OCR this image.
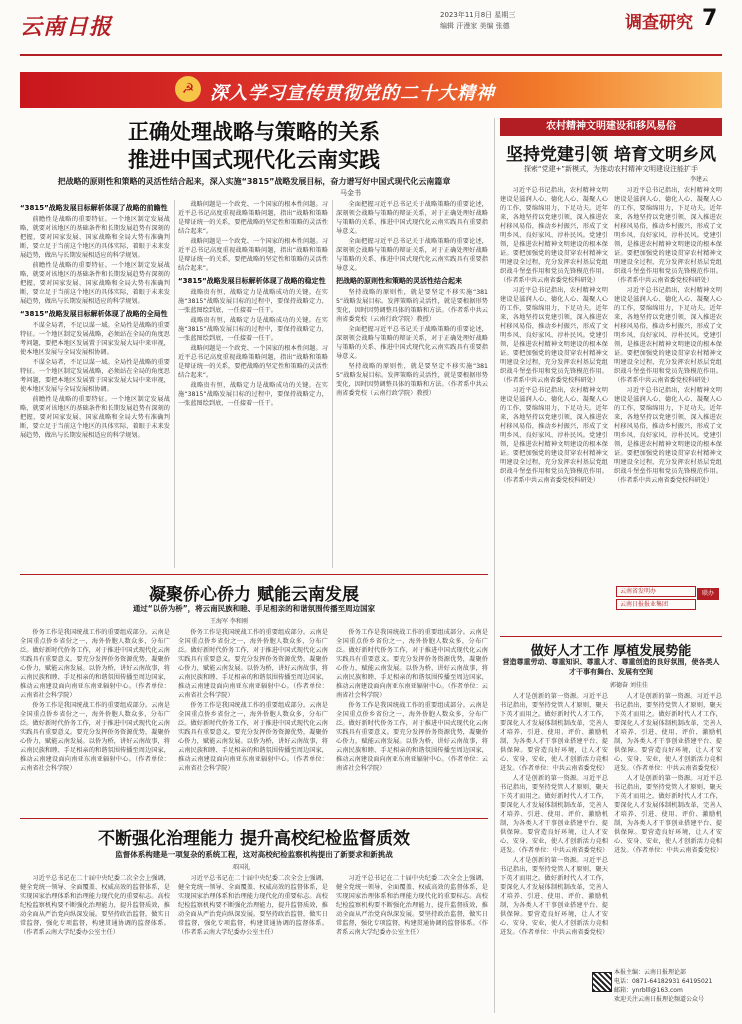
云南日报	2023年11月8日 星期三
编辑 汗漫家 美编 张德	调查研究 7
☭ 深入学习宣传贯彻党的二十大精神
正确处理战略与策略的关系
推进中国式现代化云南实践
把战略的原则性和策略的灵活性结合起来，深入实施“3815”战略发展目标，奋力谱写好中国式现代化云南篇章
马金书
“3815”战略发展目标解析体现了战略的前瞻性

前瞻性是战略的重要特征。一个地区制定发展战略，就要对该地区的基础条件和长期发展趋势有深刻的把握，要对国家发展、国家战略和全局大势有准确判断，要立足于当前这个地区的具体实际，着眼于未来发展趋势，做出与长期发展相适应的科学规划。

前瞻性是战略的重要特征。一个地区制定发展战略，就要对该地区的基础条件和长期发展趋势有深刻的把握，要对国家发展、国家战略和全局大势有准确判断，要立足于当前这个地区的具体实际，着眼于未来发展趋势，做出与长期发展相适应的科学规划。

“3815”战略发展目标解析体现了战略的全局性

不谋全局者，不足以谋一域。全局性是战略的重要特征。一个地区制定发展战略，必须站在全局的角度思考问题，要把本地区发展置于国家发展大局中来审视，使本地区发展与全局发展相协调。

不谋全局者，不足以谋一域。全局性是战略的重要特征。一个地区制定发展战略，必须站在全局的角度思考问题，要把本地区发展置于国家发展大局中来审视，使本地区发展与全局发展相协调。

前瞻性是战略的重要特征。一个地区制定发展战略，就要对该地区的基础条件和长期发展趋势有深刻的把握，要对国家发展、国家战略和全局大势有准确判断，要立足于当前这个地区的具体实际，着眼于未来发展趋势，做出与长期发展相适应的科学规划。

战略问题是一个政党、一个国家的根本性问题。习近平总书记高度重视战略策略问题，指出“战略和策略是辩证统一的关系，要把战略的坚定性和策略的灵活性结合起来”。

战略问题是一个政党、一个国家的根本性问题。习近平总书记高度重视战略策略问题，指出“战略和策略是辩证统一的关系，要把战略的坚定性和策略的灵活性结合起来”。

“3815”战略发展目标解析体现了战略的稳定性

战略贵有恒，战略定力是战略成功的关键。在实施“3815”战略发展目标的过程中，要保持战略定力，一张蓝图绘到底，一任接着一任干。

战略贵有恒，战略定力是战略成功的关键。在实施“3815”战略发展目标的过程中，要保持战略定力，一张蓝图绘到底，一任接着一任干。

战略问题是一个政党、一个国家的根本性问题。习近平总书记高度重视战略策略问题，指出“战略和策略是辩证统一的关系，要把战略的坚定性和策略的灵活性结合起来”。

战略贵有恒，战略定力是战略成功的关键。在实施“3815”战略发展目标的过程中，要保持战略定力，一张蓝图绘到底，一任接着一任干。

全面把握习近平总书记关于战略策略的重要论述，深刻领会战略与策略的辩证关系，对于正确处理好战略与策略的关系、推进中国式现代化云南实践具有重要指导意义。

全面把握习近平总书记关于战略策略的重要论述，深刻领会战略与策略的辩证关系，对于正确处理好战略与策略的关系、推进中国式现代化云南实践具有重要指导意义。

把战略的原则性和策略的灵活性结合起来

坚持战略的原则性，就是要坚定不移实施“3815”战略发展目标。发挥策略的灵活性，就是要根据形势变化，因时因势调整具体的策略和方法。（作者系中共云南省委党校（云南行政学院）教授）

全面把握习近平总书记关于战略策略的重要论述，深刻领会战略与策略的辩证关系，对于正确处理好战略与策略的关系、推进中国式现代化云南实践具有重要指导意义。

坚持战略的原则性，就是要坚定不移实施“3815”战略发展目标。发挥策略的灵活性，就是要根据形势变化，因时因势调整具体的策略和方法。（作者系中共云南省委党校（云南行政学院）教授）

农村精神文明建设和移风易俗
坚持党建引领 培育文明乡风
探索“党建+”新模式，为推动农村精神文明建设注能扩手
李建云

习近平总书记指出，农村精神文明建设是滋润人心、德化人心、凝聚人心的工作，要绵绵用力，下足功夫。近年来，各地坚持以党建引领，深入推进农村移风易俗，推动乡村振兴，形成了文明乡风、良好家风、淳朴民风。党建引领，是推进农村精神文明建设的根本保证。要把加强党的建设贯穿农村精神文明建设全过程，充分发挥农村基层党组织战斗堡垒作用和党员先锋模范作用。（作者系中共云南省委党校科研处）

习近平总书记指出，农村精神文明建设是滋润人心、德化人心、凝聚人心的工作，要绵绵用力，下足功夫。近年来，各地坚持以党建引领，深入推进农村移风易俗，推动乡村振兴，形成了文明乡风、良好家风、淳朴民风。党建引领，是推进农村精神文明建设的根本保证。要把加强党的建设贯穿农村精神文明建设全过程，充分发挥农村基层党组织战斗堡垒作用和党员先锋模范作用。（作者系中共云南省委党校科研处）

习近平总书记指出，农村精神文明建设是滋润人心、德化人心、凝聚人心的工作，要绵绵用力，下足功夫。近年来，各地坚持以党建引领，深入推进农村移风易俗，推动乡村振兴，形成了文明乡风、良好家风、淳朴民风。党建引领，是推进农村精神文明建设的根本保证。要把加强党的建设贯穿农村精神文明建设全过程，充分发挥农村基层党组织战斗堡垒作用和党员先锋模范作用。（作者系中共云南省委党校科研处）

习近平总书记指出，农村精神文明建设是滋润人心、德化人心、凝聚人心的工作，要绵绵用力，下足功夫。近年来，各地坚持以党建引领，深入推进农村移风易俗，推动乡村振兴，形成了文明乡风、良好家风、淳朴民风。党建引领，是推进农村精神文明建设的根本保证。要把加强党的建设贯穿农村精神文明建设全过程，充分发挥农村基层党组织战斗堡垒作用和党员先锋模范作用。（作者系中共云南省委党校科研处）

习近平总书记指出，农村精神文明建设是滋润人心、德化人心、凝聚人心的工作，要绵绵用力，下足功夫。近年来，各地坚持以党建引领，深入推进农村移风易俗，推动乡村振兴，形成了文明乡风、良好家风、淳朴民风。党建引领，是推进农村精神文明建设的根本保证。要把加强党的建设贯穿农村精神文明建设全过程，充分发挥农村基层党组织战斗堡垒作用和党员先锋模范作用。（作者系中共云南省委党校科研处）

习近平总书记指出，农村精神文明建设是滋润人心、德化人心、凝聚人心的工作，要绵绵用力，下足功夫。近年来，各地坚持以党建引领，深入推进农村移风易俗，推动乡村振兴，形成了文明乡风、良好家风、淳朴民风。党建引领，是推进农村精神文明建设的根本保证。要把加强党的建设贯穿农村精神文明建设全过程，充分发挥农村基层党组织战斗堡垒作用和党员先锋模范作用。（作者系中共云南省委党校科研处）

云南省发明办
云南日报报业集团
联办
做好人才工作 厚植发展势能
营造尊重劳动、尊重知识、尊重人才、尊重创造的良好氛围，使各类人才干事有舞台、发展有空间
郭德奋 刘佳佳

人才是创新的第一资源。习近平总书记指出，要坚持党管人才原则，聚天下英才而用之。做好新时代人才工作，要深化人才发展体制机制改革，完善人才培养、引进、使用、评价、激励机制，为各类人才干事创业搭建平台、提供保障。要营造良好环境，让人才安心、安身、安业，使人才创新活力竞相迸发。（作者单位：中共云南省委党校）

人才是创新的第一资源。习近平总书记指出，要坚持党管人才原则，聚天下英才而用之。做好新时代人才工作，要深化人才发展体制机制改革，完善人才培养、引进、使用、评价、激励机制，为各类人才干事创业搭建平台、提供保障。要营造良好环境，让人才安心、安身、安业，使人才创新活力竞相迸发。（作者单位：中共云南省委党校）

人才是创新的第一资源。习近平总书记指出，要坚持党管人才原则，聚天下英才而用之。做好新时代人才工作，要深化人才发展体制机制改革，完善人才培养、引进、使用、评价、激励机制，为各类人才干事创业搭建平台、提供保障。要营造良好环境，让人才安心、安身、安业，使人才创新活力竞相迸发。（作者单位：中共云南省委党校）

人才是创新的第一资源。习近平总书记指出，要坚持党管人才原则，聚天下英才而用之。做好新时代人才工作，要深化人才发展体制机制改革，完善人才培养、引进、使用、评价、激励机制，为各类人才干事创业搭建平台、提供保障。要营造良好环境，让人才安心、安身、安业，使人才创新活力竞相迸发。（作者单位：中共云南省委党校）

人才是创新的第一资源。习近平总书记指出，要坚持党管人才原则，聚天下英才而用之。做好新时代人才工作，要深化人才发展体制机制改革，完善人才培养、引进、使用、评价、激励机制，为各类人才干事创业搭建平台、提供保障。要营造良好环境，让人才安心、安身、安业，使人才创新活力竞相迸发。（作者单位：中共云南省委党校）

凝聚侨心侨力 赋能云南发展
通过“以侨为桥”，将云南民族和睦、手足相亲的和谐氛围传播至周边国家
王海军 李和刚

侨务工作是我国统战工作的重要组成部分。云南是全国重点侨乡省份之一，海外侨胞人数众多，分布广泛。做好新时代侨务工作，对于推进中国式现代化云南实践具有重要意义。要充分发挥侨务资源优势，凝聚侨心侨力，赋能云南发展。以侨为桥，讲好云南故事，将云南民族和睦、手足相亲的和谐氛围传播至周边国家，推动云南建设面向南亚东南亚辐射中心。（作者单位：云南省社会科学院）

侨务工作是我国统战工作的重要组成部分。云南是全国重点侨乡省份之一，海外侨胞人数众多，分布广泛。做好新时代侨务工作，对于推进中国式现代化云南实践具有重要意义。要充分发挥侨务资源优势，凝聚侨心侨力，赋能云南发展。以侨为桥，讲好云南故事，将云南民族和睦、手足相亲的和谐氛围传播至周边国家，推动云南建设面向南亚东南亚辐射中心。（作者单位：云南省社会科学院）

侨务工作是我国统战工作的重要组成部分。云南是全国重点侨乡省份之一，海外侨胞人数众多，分布广泛。做好新时代侨务工作，对于推进中国式现代化云南实践具有重要意义。要充分发挥侨务资源优势，凝聚侨心侨力，赋能云南发展。以侨为桥，讲好云南故事，将云南民族和睦、手足相亲的和谐氛围传播至周边国家，推动云南建设面向南亚东南亚辐射中心。（作者单位：云南省社会科学院）

侨务工作是我国统战工作的重要组成部分。云南是全国重点侨乡省份之一，海外侨胞人数众多，分布广泛。做好新时代侨务工作，对于推进中国式现代化云南实践具有重要意义。要充分发挥侨务资源优势，凝聚侨心侨力，赋能云南发展。以侨为桥，讲好云南故事，将云南民族和睦、手足相亲的和谐氛围传播至周边国家，推动云南建设面向南亚东南亚辐射中心。（作者单位：云南省社会科学院）

侨务工作是我国统战工作的重要组成部分。云南是全国重点侨乡省份之一，海外侨胞人数众多，分布广泛。做好新时代侨务工作，对于推进中国式现代化云南实践具有重要意义。要充分发挥侨务资源优势，凝聚侨心侨力，赋能云南发展。以侨为桥，讲好云南故事，将云南民族和睦、手足相亲的和谐氛围传播至周边国家，推动云南建设面向南亚东南亚辐射中心。（作者单位：云南省社会科学院）

侨务工作是我国统战工作的重要组成部分。云南是全国重点侨乡省份之一，海外侨胞人数众多，分布广泛。做好新时代侨务工作，对于推进中国式现代化云南实践具有重要意义。要充分发挥侨务资源优势，凝聚侨心侨力，赋能云南发展。以侨为桥，讲好云南故事，将云南民族和睦、手足相亲的和谐氛围传播至周边国家，推动云南建设面向南亚东南亚辐射中心。（作者单位：云南省社会科学院）

不断强化治理能力 提升高校纪检监督质效
监督体系构建是一项复杂的系统工程，这对高校纪检监察机构提出了新要求和新挑战
邓国礼

习近平总书记在二十届中央纪委二次全会上强调，健全党统一领导、全面覆盖、权威高效的监督体系，是实现国家治理体系和治理能力现代化的重要标志。高校纪检监察机构要不断强化治理能力，提升监督质效，推动全面从严治党向纵深发展。要坚持政治监督，做实日常监督，强化专项监督，构建贯通协调的监督体系。（作者系云南大学纪委办公室主任）

习近平总书记在二十届中央纪委二次全会上强调，健全党统一领导、全面覆盖、权威高效的监督体系，是实现国家治理体系和治理能力现代化的重要标志。高校纪检监察机构要不断强化治理能力，提升监督质效，推动全面从严治党向纵深发展。要坚持政治监督，做实日常监督，强化专项监督，构建贯通协调的监督体系。（作者系云南大学纪委办公室主任）

习近平总书记在二十届中央纪委二次全会上强调，健全党统一领导、全面覆盖、权威高效的监督体系，是实现国家治理体系和治理能力现代化的重要标志。高校纪检监察机构要不断强化治理能力，提升监督质效，推动全面从严治党向纵深发展。要坚持政治监督，做实日常监督，强化专项监督，构建贯通协调的监督体系。（作者系云南大学纪委办公室主任）

本报主编：云南日报理论部
电话：0871-64182931 64195021
邮箱：ynrblll@163.com
欢迎关注云南日报理论频道公众号
